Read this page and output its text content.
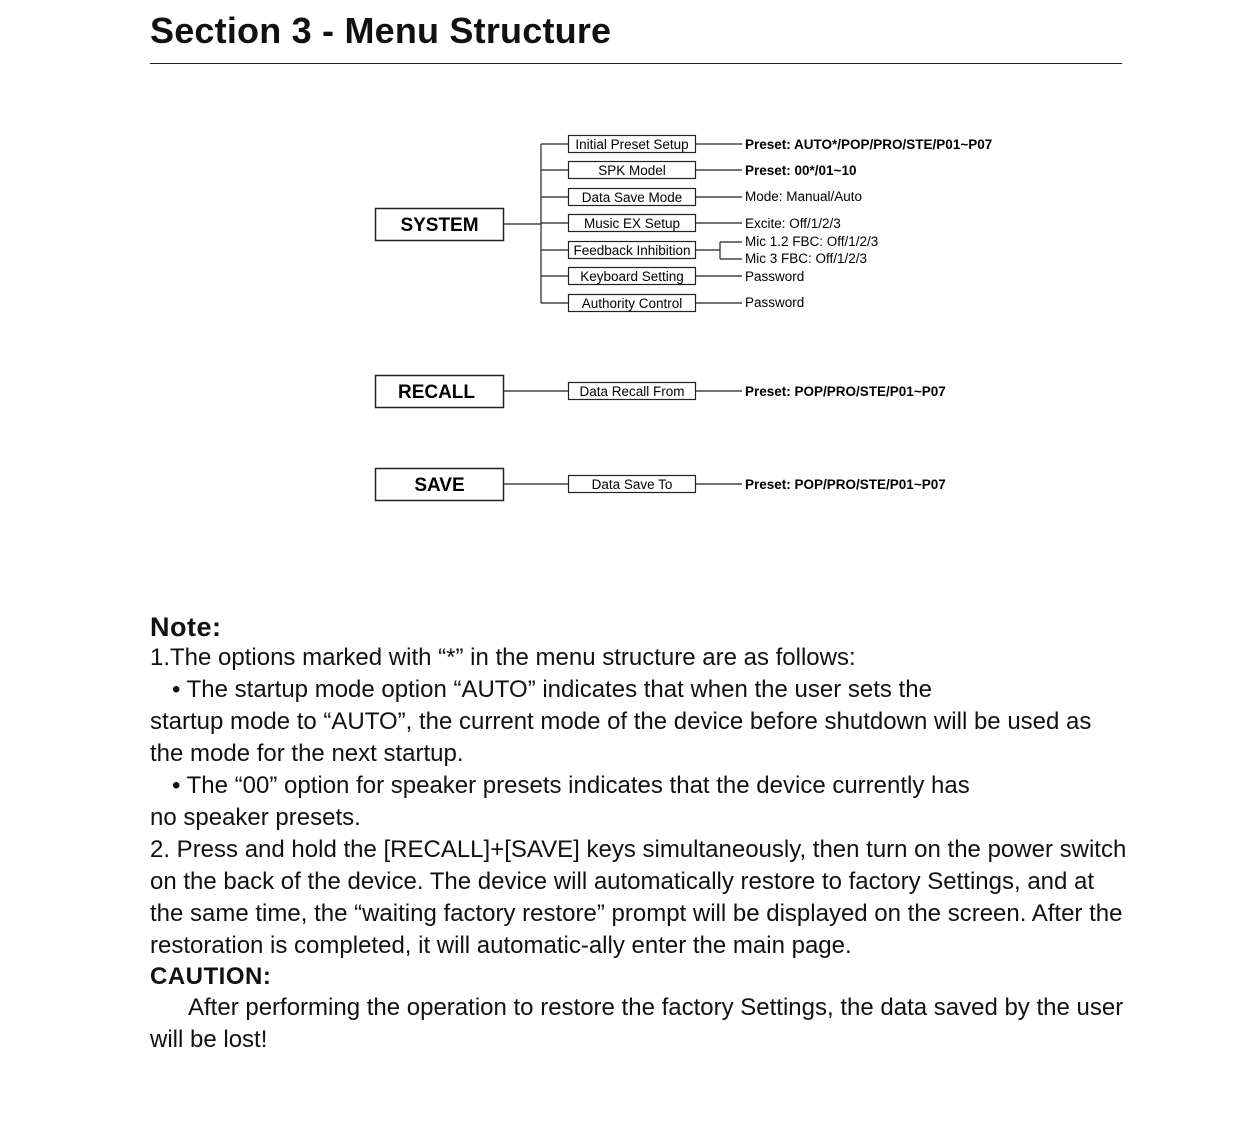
Section 3 - Menu Structure
SYSTEM
RECALL
SAVE
Initial Preset Setup
SPK Model
Data Save Mode
Music EX Setup
Feedback Inhibition
Keyboard Setting
Authority Control
Data Recall From
Data Save To
Preset: AUTO*/POP/PRO/STE/P01~P07
Preset: 00*/01~10
Mode: Manual/Auto
Excite: Off/1/2/3
Mic 1.2 FBC: Off/1/2/3
Mic 3 FBC: Off/1/2/3
Password
Password
Preset: POP/PRO/STE/P01~P07
Preset: POP/PRO/STE/P01~P07

Note:

1.The options marked with “*” in the menu structure are as follows:

• The startup mode option “AUTO” indicates that when the user sets the

startup mode to “AUTO”, the current mode of the device before shutdown will be used as the mode for the next startup.

• The “00” option for speaker presets indicates that the device currently has

no speaker presets.

2. Press and hold the [RECALL]+[SAVE] keys simultaneously, then turn on the power switch on the back of the device. The device will automatically restore to factory Settings, and at the same time, the “waiting factory restore” prompt will be displayed on the screen. After the restoration is completed, it will automatic-ally enter the main page.

CAUTION:

After performing the operation to restore the factory Settings, the data saved by the user will be lost!
